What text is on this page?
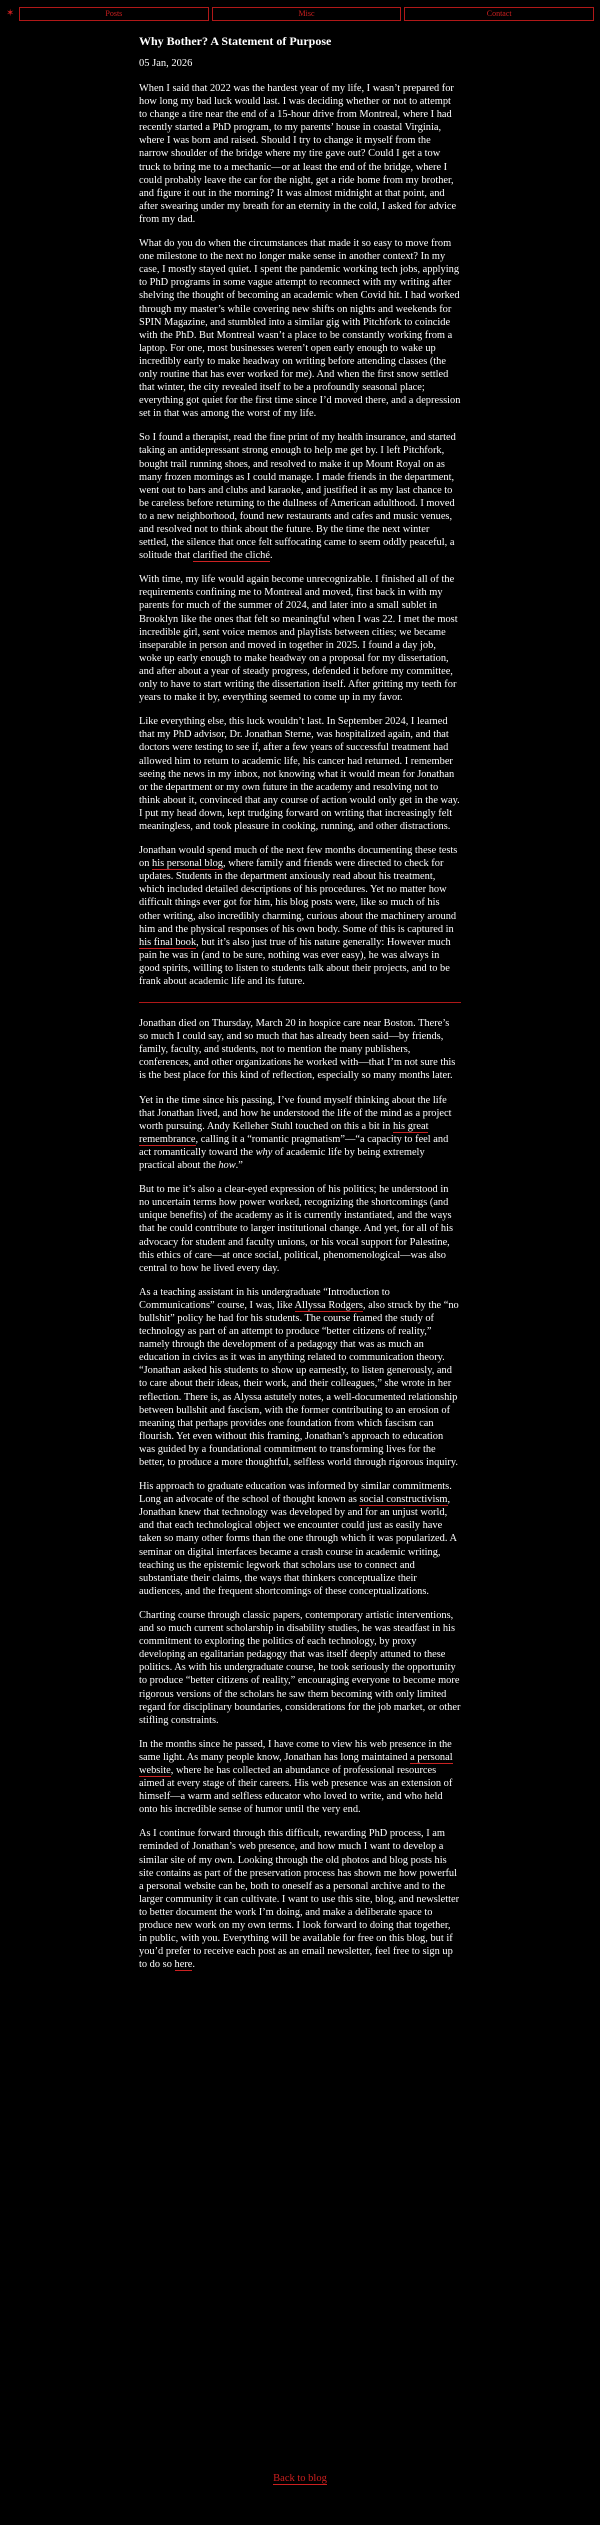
✶	Posts	Misc	Contact
Why Bother? A Statement of Purpose
05 Jan, 2026

When I said that 2022 was the hardest year of my life, I wasn’t prepared for how long my bad luck would last. I was deciding whether or not to attempt to change a tire near the end of a 15-hour drive from Montreal, where I had recently started a PhD program, to my parents’ house in coastal Virginia, where I was born and raised. Should I try to change it myself from the narrow shoulder of the bridge where my tire gave out? Could I get a tow truck to bring me to a mechanic—or at least the end of the bridge, where I could probably leave the car for the night, get a ride home from my brother, and figure it out in the morning? It was almost midnight at that point, and after swearing under my breath for an eternity in the cold, I asked for advice from my dad.

What do you do when the circumstances that made it so easy to move from one milestone to the next no longer make sense in another context? In my case, I mostly stayed quiet. I spent the pandemic working tech jobs, applying to PhD programs in some vague attempt to reconnect with my writing after shelving the thought of becoming an academic when Covid hit. I had worked through my master’s while covering new shifts on nights and weekends for SPIN Magazine, and stumbled into a similar gig with Pitchfork to coincide with the PhD. But Montreal wasn’t a place to be constantly working from a laptop. For one, most businesses weren’t open early enough to wake up incredibly early to make headway on writing before attending classes (the only routine that has ever worked for me). And when the first snow settled that winter, the city revealed itself to be a profoundly seasonal place; everything got quiet for the first time since I’d moved there, and a depression set in that was among the worst of my life.

So I found a therapist, read the fine print of my health insurance, and started taking an antidepressant strong enough to help me get by. I left Pitchfork, bought trail running shoes, and resolved to make it up Mount Royal on as many frozen mornings as I could manage. I made friends in the department, went out to bars and clubs and karaoke, and justified it as my last chance to be careless before returning to the dullness of American adulthood. I moved to a new neighborhood, found new restaurants and cafes and music venues, and resolved not to think about the future. By the time the next winter settled, the silence that once felt suffocating came to seem oddly peaceful, a solitude that clarified the cliché.

With time, my life would again become unrecognizable. I finished all of the requirements confining me to Montreal and moved, first back in with my parents for much of the summer of 2024, and later into a small sublet in Brooklyn like the ones that felt so meaningful when I was 22. I met the most incredible girl, sent voice memos and playlists between cities; we became inseparable in person and moved in together in 2025. I found a day job, woke up early enough to make headway on a proposal for my dissertation, and after about a year of steady progress, defended it before my committee, only to have to start writing the dissertation itself. After gritting my teeth for years to make it by, everything seemed to come up in my favor.

Like everything else, this luck wouldn’t last. In September 2024, I learned that my PhD advisor, Dr. Jonathan Sterne, was hospitalized again, and that doctors were testing to see if, after a few years of successful treatment had allowed him to return to academic life, his cancer had returned. I remember seeing the news in my inbox, not knowing what it would mean for Jonathan or the department or my own future in the academy and resolving not to think about it, convinced that any course of action would only get in the way. I put my head down, kept trudging forward on writing that increasingly felt meaningless, and took pleasure in cooking, running, and other distractions.

Jonathan would spend much of the next few months documenting these tests on his personal blog, where family and friends were directed to check for updates. Students in the department anxiously read about his treatment, which included detailed descriptions of his procedures. Yet no matter how difficult things ever got for him, his blog posts were, like so much of his other writing, also incredibly charming, curious about the machinery around him and the physical responses of his own body. Some of this is captured in his final book, but it’s also just true of his nature generally: However much pain he was in (and to be sure, nothing was ever easy), he was always in good spirits, willing to listen to students talk about their projects, and to be frank about academic life and its future.

Jonathan died on Thursday, March 20 in hospice care near Boston. There’s so much I could say, and so much that has already been said—by friends, family, faculty, and students, not to mention the many publishers, conferences, and other organizations he worked with—that I’m not sure this is the best place for this kind of reflection, especially so many months later.

Yet in the time since his passing, I’ve found myself thinking about the life that Jonathan lived, and how he understood the life of the mind as a project worth pursuing. Andy Kelleher Stuhl touched on this a bit in his great remembrance, calling it a “romantic pragmatism”—“a capacity to feel and act romantically toward the why of academic life by being extremely practical about the how.”

But to me it’s also a clear-eyed expression of his politics; he understood in no uncertain terms how power worked, recognizing the shortcomings (and unique benefits) of the academy as it is currently instantiated, and the ways that he could contribute to larger institutional change. And yet, for all of his advocacy for student and faculty unions, or his vocal support for Palestine, this ethics of care—at once social, political, phenomenological—was also central to how he lived every day.

As a teaching assistant in his undergraduate “Introduction to Communications” course, I was, like Allyssa Rodgers, also struck by the “no bullshit” policy he had for his students. The course framed the study of technology as part of an attempt to produce “better citizens of reality,” namely through the development of a pedagogy that was as much an education in civics as it was in anything related to communication theory. “Jonathan asked his students to show up earnestly, to listen generously, and to care about their ideas, their work, and their colleagues,” she wrote in her reflection. There is, as Alyssa astutely notes, a well-documented relationship between bullshit and fascism, with the former contributing to an erosion of meaning that perhaps provides one foundation from which fascism can flourish. Yet even without this framing, Jonathan’s approach to education was guided by a foundational commitment to transforming lives for the better, to produce a more thoughtful, selfless world through rigorous inquiry.

His approach to graduate education was informed by similar commitments. Long an advocate of the school of thought known as social constructivism, Jonathan knew that technology was developed by and for an unjust world, and that each technological object we encounter could just as easily have taken so many other forms than the one through which it was popularized. A seminar on digital interfaces became a crash course in academic writing, teaching us the epistemic legwork that scholars use to connect and substantiate their claims, the ways that thinkers conceptualize their audiences, and the frequent shortcomings of these conceptualizations.

Charting course through classic papers, contemporary artistic interventions, and so much current scholarship in disability studies, he was steadfast in his commitment to exploring the politics of each technology, by proxy developing an egalitarian pedagogy that was itself deeply attuned to these politics. As with his undergraduate course, he took seriously the opportunity to produce “better citizens of reality,” encouraging everyone to become more rigorous versions of the scholars he saw them becoming with only limited regard for disciplinary boundaries, considerations for the job market, or other stifling constraints.

In the months since he passed, I have come to view his web presence in the same light. As many people know, Jonathan has long maintained a personal website, where he has collected an abundance of professional resources aimed at every stage of their careers. His web presence was an extension of himself—a warm and selfless educator who loved to write, and who held onto his incredible sense of humor until the very end.

As I continue forward through this difficult, rewarding PhD process, I am reminded of Jonathan’s web presence, and how much I want to develop a similar site of my own. Looking through the old photos and blog posts his site contains as part of the preservation process has shown me how powerful a personal website can be, both to oneself as a personal archive and to the larger community it can cultivate. I want to use this site, blog, and newsletter to better document the work I’m doing, and make a deliberate space to produce new work on my own terms. I look forward to doing that together, in public, with you. Everything will be available for free on this blog, but if you’d prefer to receive each post as an email newsletter, feel free to sign up to do so here.

Back to blog
